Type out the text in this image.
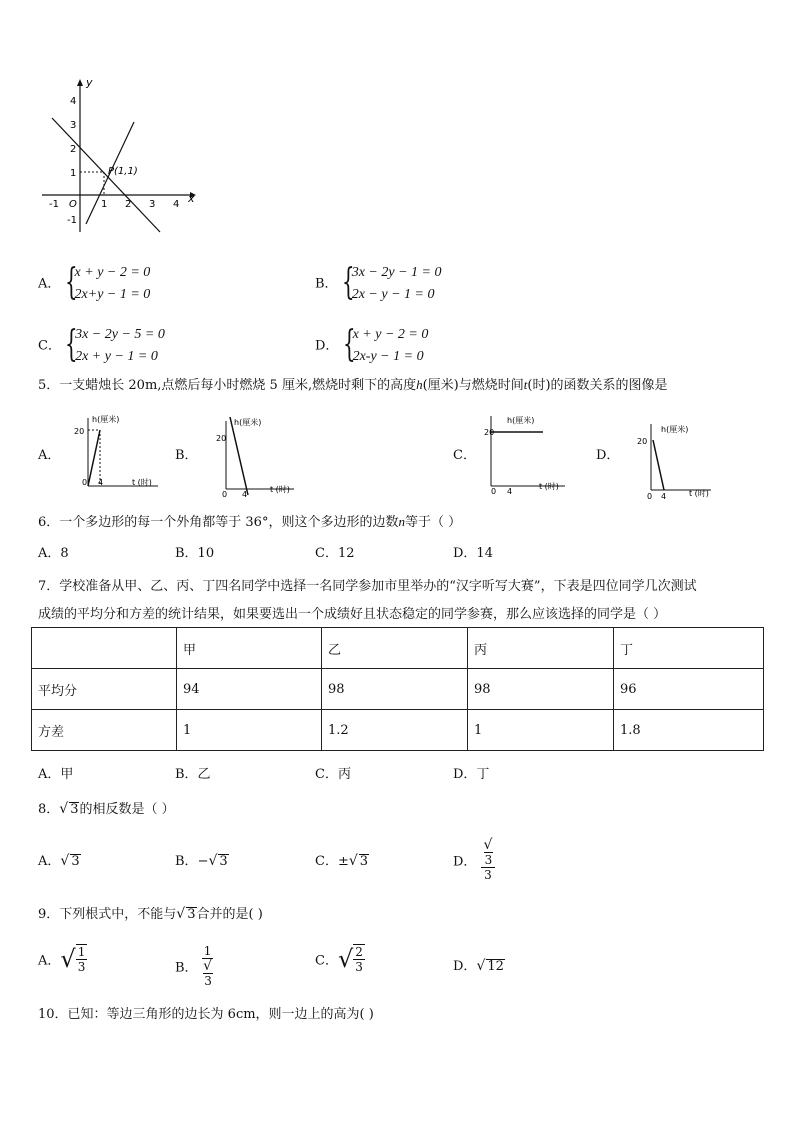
y
x
O
-1	1 2 3 4
4
3
2
1
-1
P(1,1)
A．
{ x + y − 2 = 0
2x+y − 1 = 0
B．
{ 3x − 2y − 1 = 0
2x − y − 1 = 0
C．
{ 3x − 2y − 5 = 0
2x + y − 1 = 0
D．
{ x + y − 2 = 0
2x-y − 1 = 0
5．一支蜡烛长 20m,点燃后每小时燃烧 5 厘米,燃烧时剩下的高度h(厘米)与燃烧时间t(时)的函数关系的图像是
A．	B．	C．	D．
h(厘米)
t (时)
20
0 4
h(厘米)
t (时)
20
0 4
h(厘米)
t (时)
20
0 4
h(厘米)
t (时)
20
0 4
6．一个多边形的每一个外角都等于 36°，则这个多边形的边数n等于（ ）
A．8	B．10	C．12	D．14
7．学校准备从甲、乙、丙、丁四名同学中选择一名同学参加市里举办的“汉字听写大赛”，下表是四位同学几次测试
成绩的平均分和方差的统计结果，如果要选出一个成绩好且状态稳定的同学参赛，那么应该选择的同学是（ ）
	甲	乙	丙	丁
平均分	94	98	98	96
方差	1	1.2	1	1.8
A．甲	B．乙	C．丙	D．丁
8．√ 3的相反数是（ ）
A．√ 3	B．−√ 3	C．±√ 3	D． √
3
3
9．下列根式中，不能与√ 3合并的是( )
A．√ $\frac{1}{3}$	B． 1
√
3	C．√ $\frac{2}{3}$	D．√ 12
10．已知：等边三角形的边长为 6cm，则一边上的高为( )
